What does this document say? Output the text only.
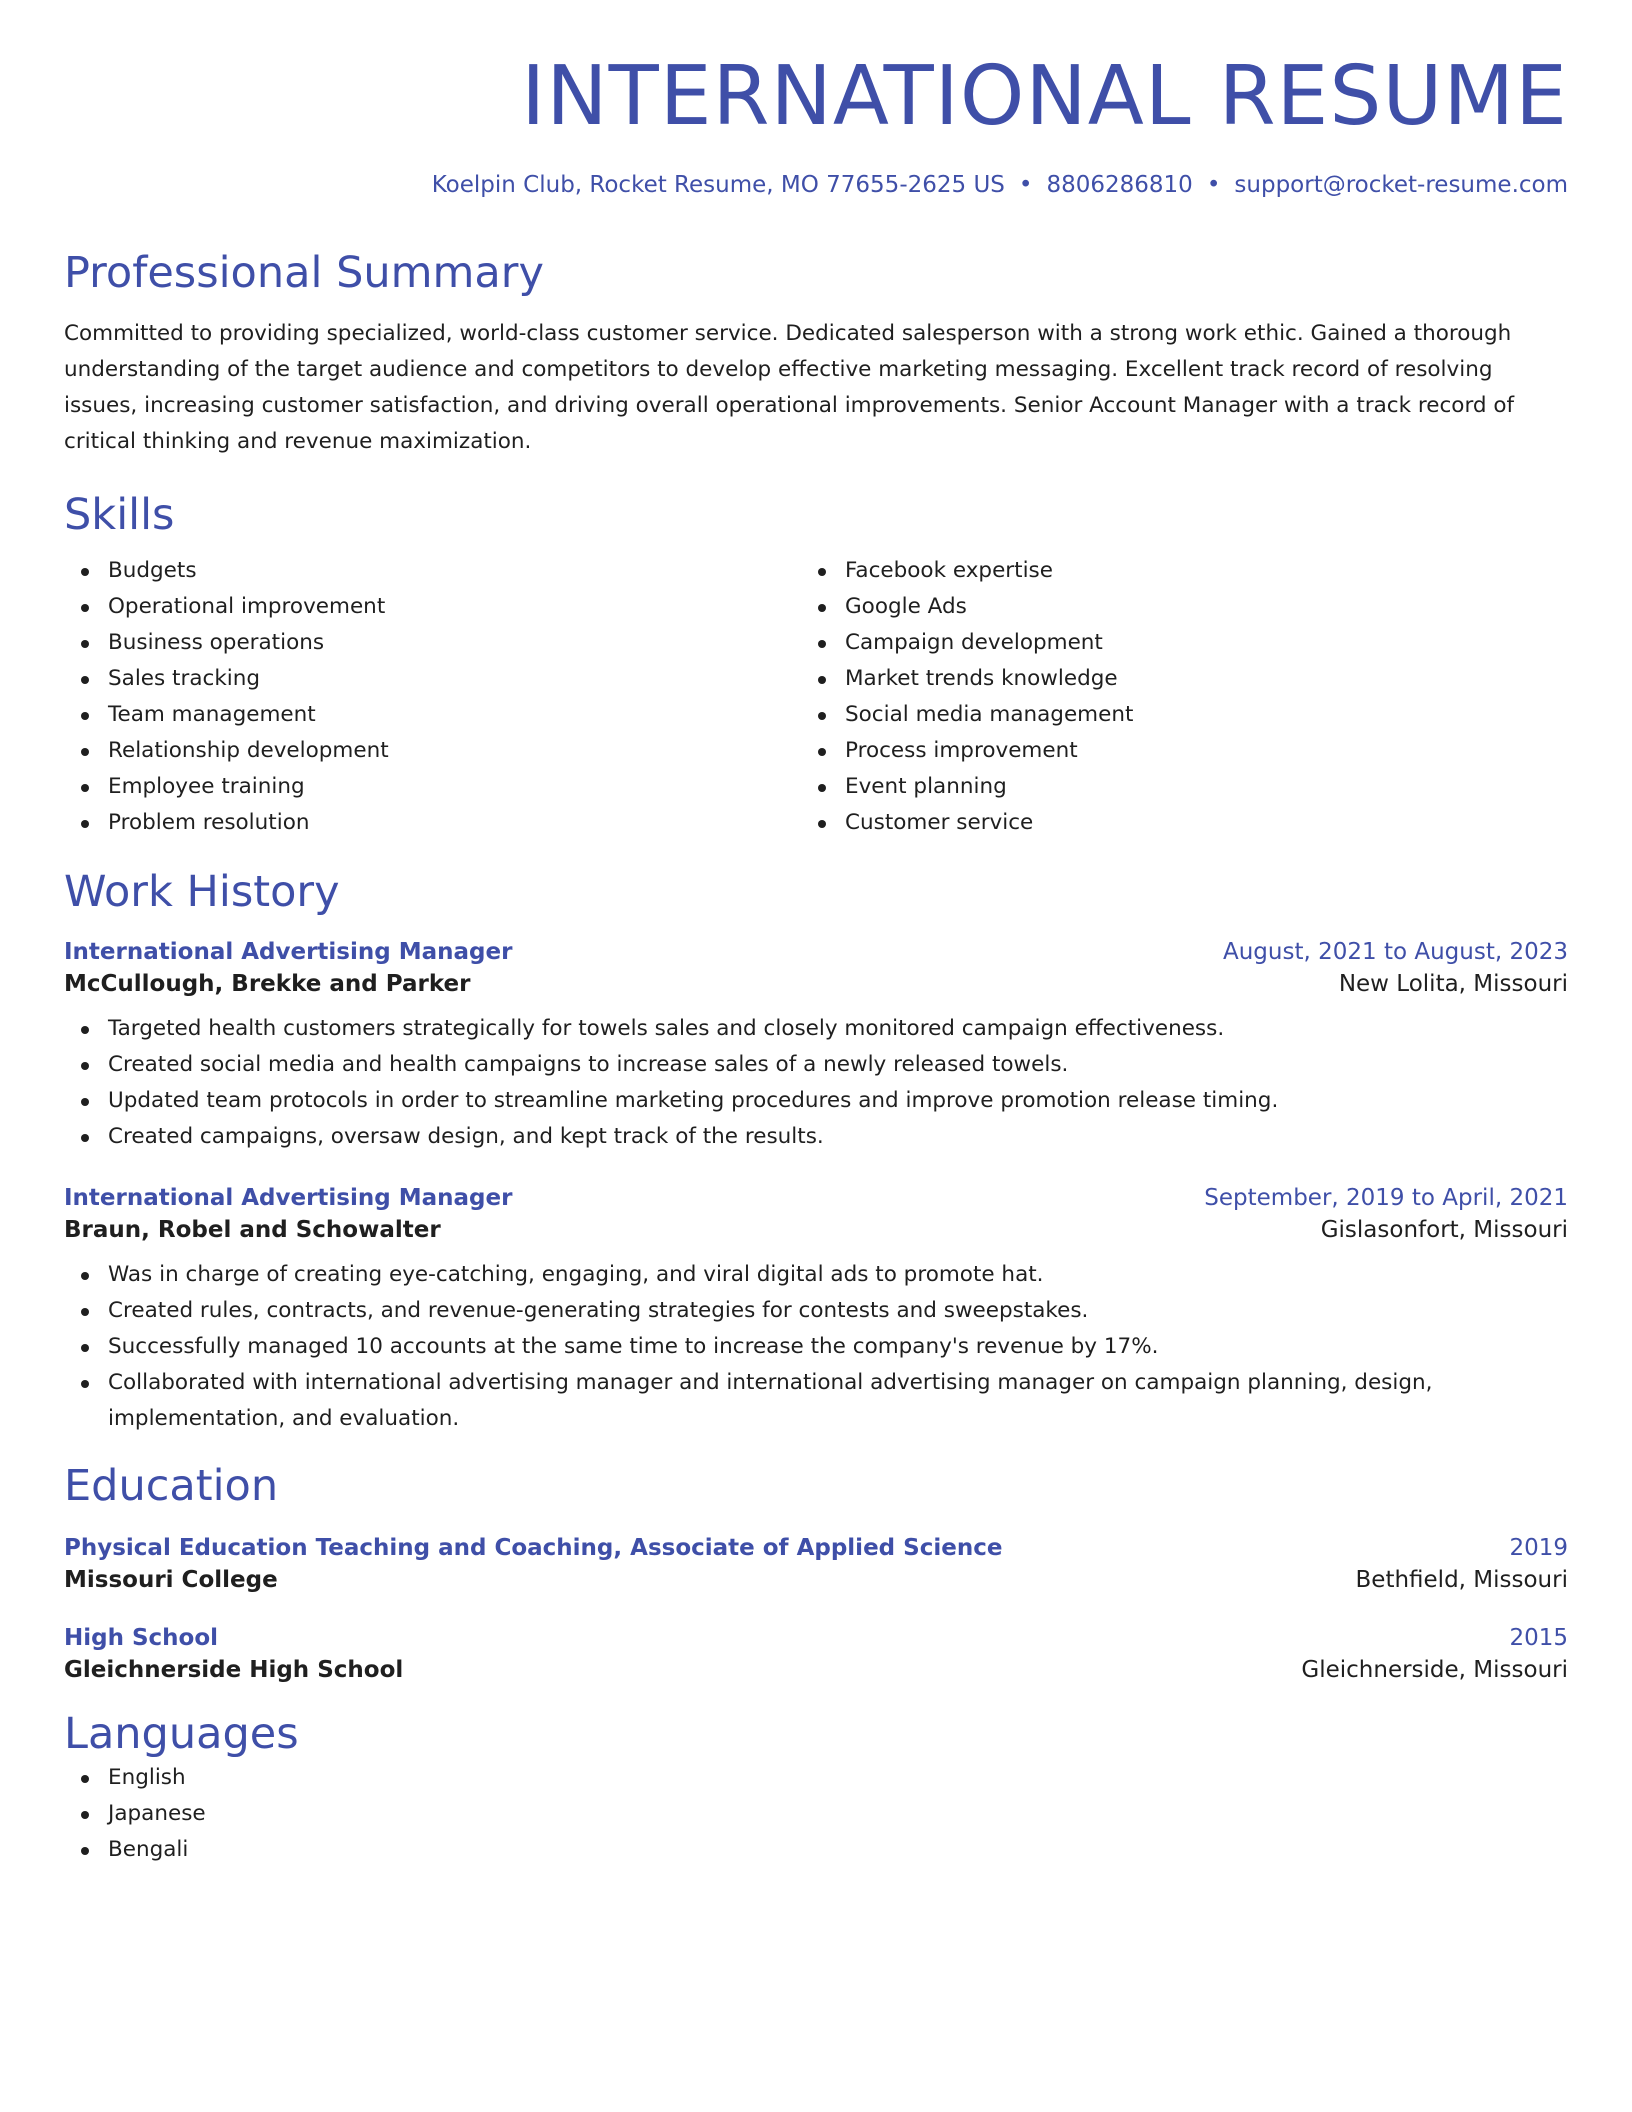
INTERNATIONAL RESUME
Koelpin Club, Rocket Resume, MO 77655-2625 US • 8806286810 • support@rocket-resume.com
Professional Summary

Committed to providing specialized, world-class customer service. Dedicated salesperson with a strong work ethic. Gained a thorough understanding of the target audience and competitors to develop effective marketing messaging. Excellent track record of resolving issues, increasing customer satisfaction, and driving overall operational improvements. Senior Account Manager with a track record of critical thinking and revenue maximization.

Skills
Budgets
Operational improvement
Business operations
Sales tracking
Team management
Relationship development
Employee training
Problem resolution
Facebook expertise
Google Ads
Campaign development
Market trends knowledge
Social media management
Process improvement
Event planning
Customer service
Work History
International Advertising Manager	August, 2021 to August, 2023
McCullough, Brekke and Parker	New Lolita, Missouri
Targeted health customers strategically for towels sales and closely monitored campaign effectiveness.
Created social media and health campaigns to increase sales of a newly released towels.
Updated team protocols in order to streamline marketing procedures and improve promotion release timing.
Created campaigns, oversaw design, and kept track of the results.
International Advertising Manager	September, 2019 to April, 2021
Braun, Robel and Schowalter	Gislasonfort, Missouri
Was in charge of creating eye-catching, engaging, and viral digital ads to promote hat.
Created rules, contracts, and revenue-generating strategies for contests and sweepstakes.
Successfully managed 10 accounts at the same time to increase the company's revenue by 17%.
Collaborated with international advertising manager and international advertising manager on campaign planning, design, implementation, and evaluation.
Education
Physical Education Teaching and Coaching, Associate of Applied Science	2019
Missouri College	Bethfield, Missouri
High School	2015
Gleichnerside High School	Gleichnerside, Missouri
Languages
English
Japanese
Bengali
